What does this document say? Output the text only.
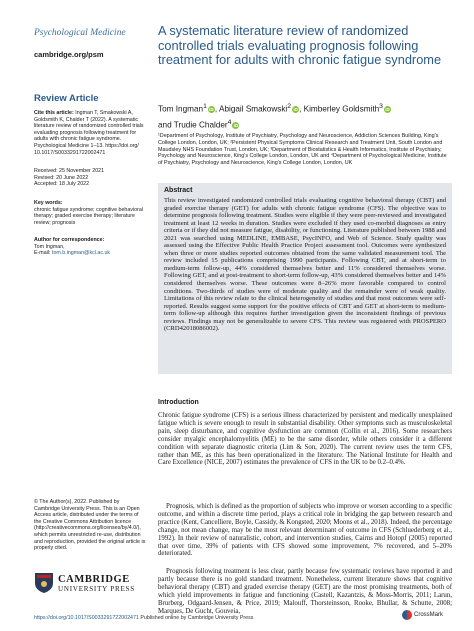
Psychological Medicine
cambridge.org/psm
Review Article
Cite this article: Ingman T, Smakowski A, Goldsmith K, Chalder T (2022). A systematic literature review of randomized controlled trials evaluating prognosis following treatment for adults with chronic fatigue syndrome. Psychological Medicine 1–13. https://doi.org/ 10.1017/S0033291722002471
Received: 25 November 2021
Revised: 20 June 2022
Accepted: 18 July 2022
Key words:
chronic fatigue syndrome; cognitive behavioral therapy; graded exercise therapy; literature review; prognosis
Author for correspondence:
Tom Ingman,
E-mail: tom.b.ingman@kcl.ac.uk
© The Author(s), 2022. Published by Cambridge University Press. This is an Open Access article, distributed under the terms of the Creative Commons Attribution licence (http://creativecommons.org/licenses/by/4.0/), which permits unrestricted re-use, distribution and reproduction, provided the original article is properly cited.
CAMBRIDGE
UNIVERSITY PRESS
A systematic literature review of randomized controlled trials evaluating prognosis following treatment for adults with chronic fatigue syndrome
Tom Ingman$^1$ iD, Abigail Smakowski$^2$ iD, Kimberley Goldsmith$^3$ iD
and Trudie Chalder$^4$ iD
¹Department of Psychology, Institute of Psychiatry, Psychology and Neuroscience, Addiction Sciences Building, King's College London, London, UK; ²Persistent Physical Symptoms Clinical Research and Treatment Unit, South London and Maudsley NHS Foundation Trust, London, UK; ³Department of Biostatistics & Health Informatics, Institute of Psychiatry, Psychology and Neuroscience, King's College London, London, UK and ⁴Department of Psychological Medicine, Institute of Psychiatry, Psychology and Neuroscience, King's College London, London, UK
Abstract

This review investigated randomized controlled trials evaluating cognitive behavioral therapy (CBT) and graded exercise therapy (GET) for adults with chronic fatigue syndrome (CFS). The objective was to determine prognosis following treatment. Studies were eligible if they were peer-reviewed and investigated treatment at least 12 weeks in duration. Studies were excluded if they used co-morbid diagnoses as entry criteria or if they did not measure fatigue, disability, or functioning. Literature published between 1988 and 2021 was searched using MEDLINE, EMBASE, PsycINFO, and Web of Science. Study quality was assessed using the Effective Public Health Practice Project assessment tool. Outcomes were synthesized when three or more studies reported outcomes obtained from the same validated measurement tool. The review included 15 publications comprising 1990 participants. Following CBT, and at short-term to medium-term follow-up, 44% considered themselves better and 11% considered themselves worse. Following GET, and at post-treatment to short-term follow-up, 43% considered themselves better and 14% considered themselves worse. These outcomes were 8–26% more favorable compared to control conditions. Two-thirds of studies were of moderate quality and the remainder were of weak quality. Limitations of this review relate to the clinical heterogeneity of studies and that most outcomes were self-reported. Results suggest some support for the positive effects of CBT and GET at short-term to medium-term follow-up although this requires further investigation given the inconsistent findings of previous reviews. Findings may not be generalizable to severe CFS. This review was registered with PROSPERO (CRD42018086002).

Introduction

Chronic fatigue syndrome (CFS) is a serious illness characterized by persistent and medically unexplained fatigue which is severe enough to result in substantial disability. Other symptoms such as musculoskeletal pain, sleep disturbance, and cognitive dysfunction are common (Collin et al., 2016). Some researchers consider myalgic encephalomyelitis (ME) to be the same disorder, while others consider it a different condition with separate diagnostic criteria (Lim & Son, 2020). The current review uses the term CFS, rather than ME, as this has been operationalized in the literature. The National Institute for Health and Care Excellence (NICE, 2007) estimates the prevalence of CFS in the UK to be 0.2–0.4%.

Prognosis, which is defined as the proportion of subjects who improve or worsen according to a specific outcome, and within a discrete time period, plays a critical role in bridging the gap between research and practice (Kent, Cancelliere, Boyle, Cassidy, & Kongsted, 2020; Moons et al., 2018). Indeed, the percentage change, not mean change, may be the most relevant determinant of outcome in CFS (Schluederberg et al., 1992). In their review of naturalistic, cohort, and intervention studies, Cairns and Hotopf (2005) reported that over time, 39% of patients with CFS showed some improvement, 7% recovered, and 5–20% deteriorated.

Prognosis following treatment is less clear, partly because few systematic reviews have reported it and partly because there is no gold standard treatment. Nonetheless, current literature shows that cognitive behavioral therapy (CBT) and graded exercise therapy (GET) are the most promising treatments, both of which yield improvements in fatigue and functioning (Castell, Kazantzis, & Moss-Morris, 2011; Larun, Brurberg, Odgaard-Jensen, & Price, 2019; Malouff, Thorsteinsson, Rooke, Bhullar, & Schutte, 2008; Marques, De Gucht, Gouveia,

https://doi.org/10.1017/S0033291722002471 Published online by Cambridge University Press	CrossMark
